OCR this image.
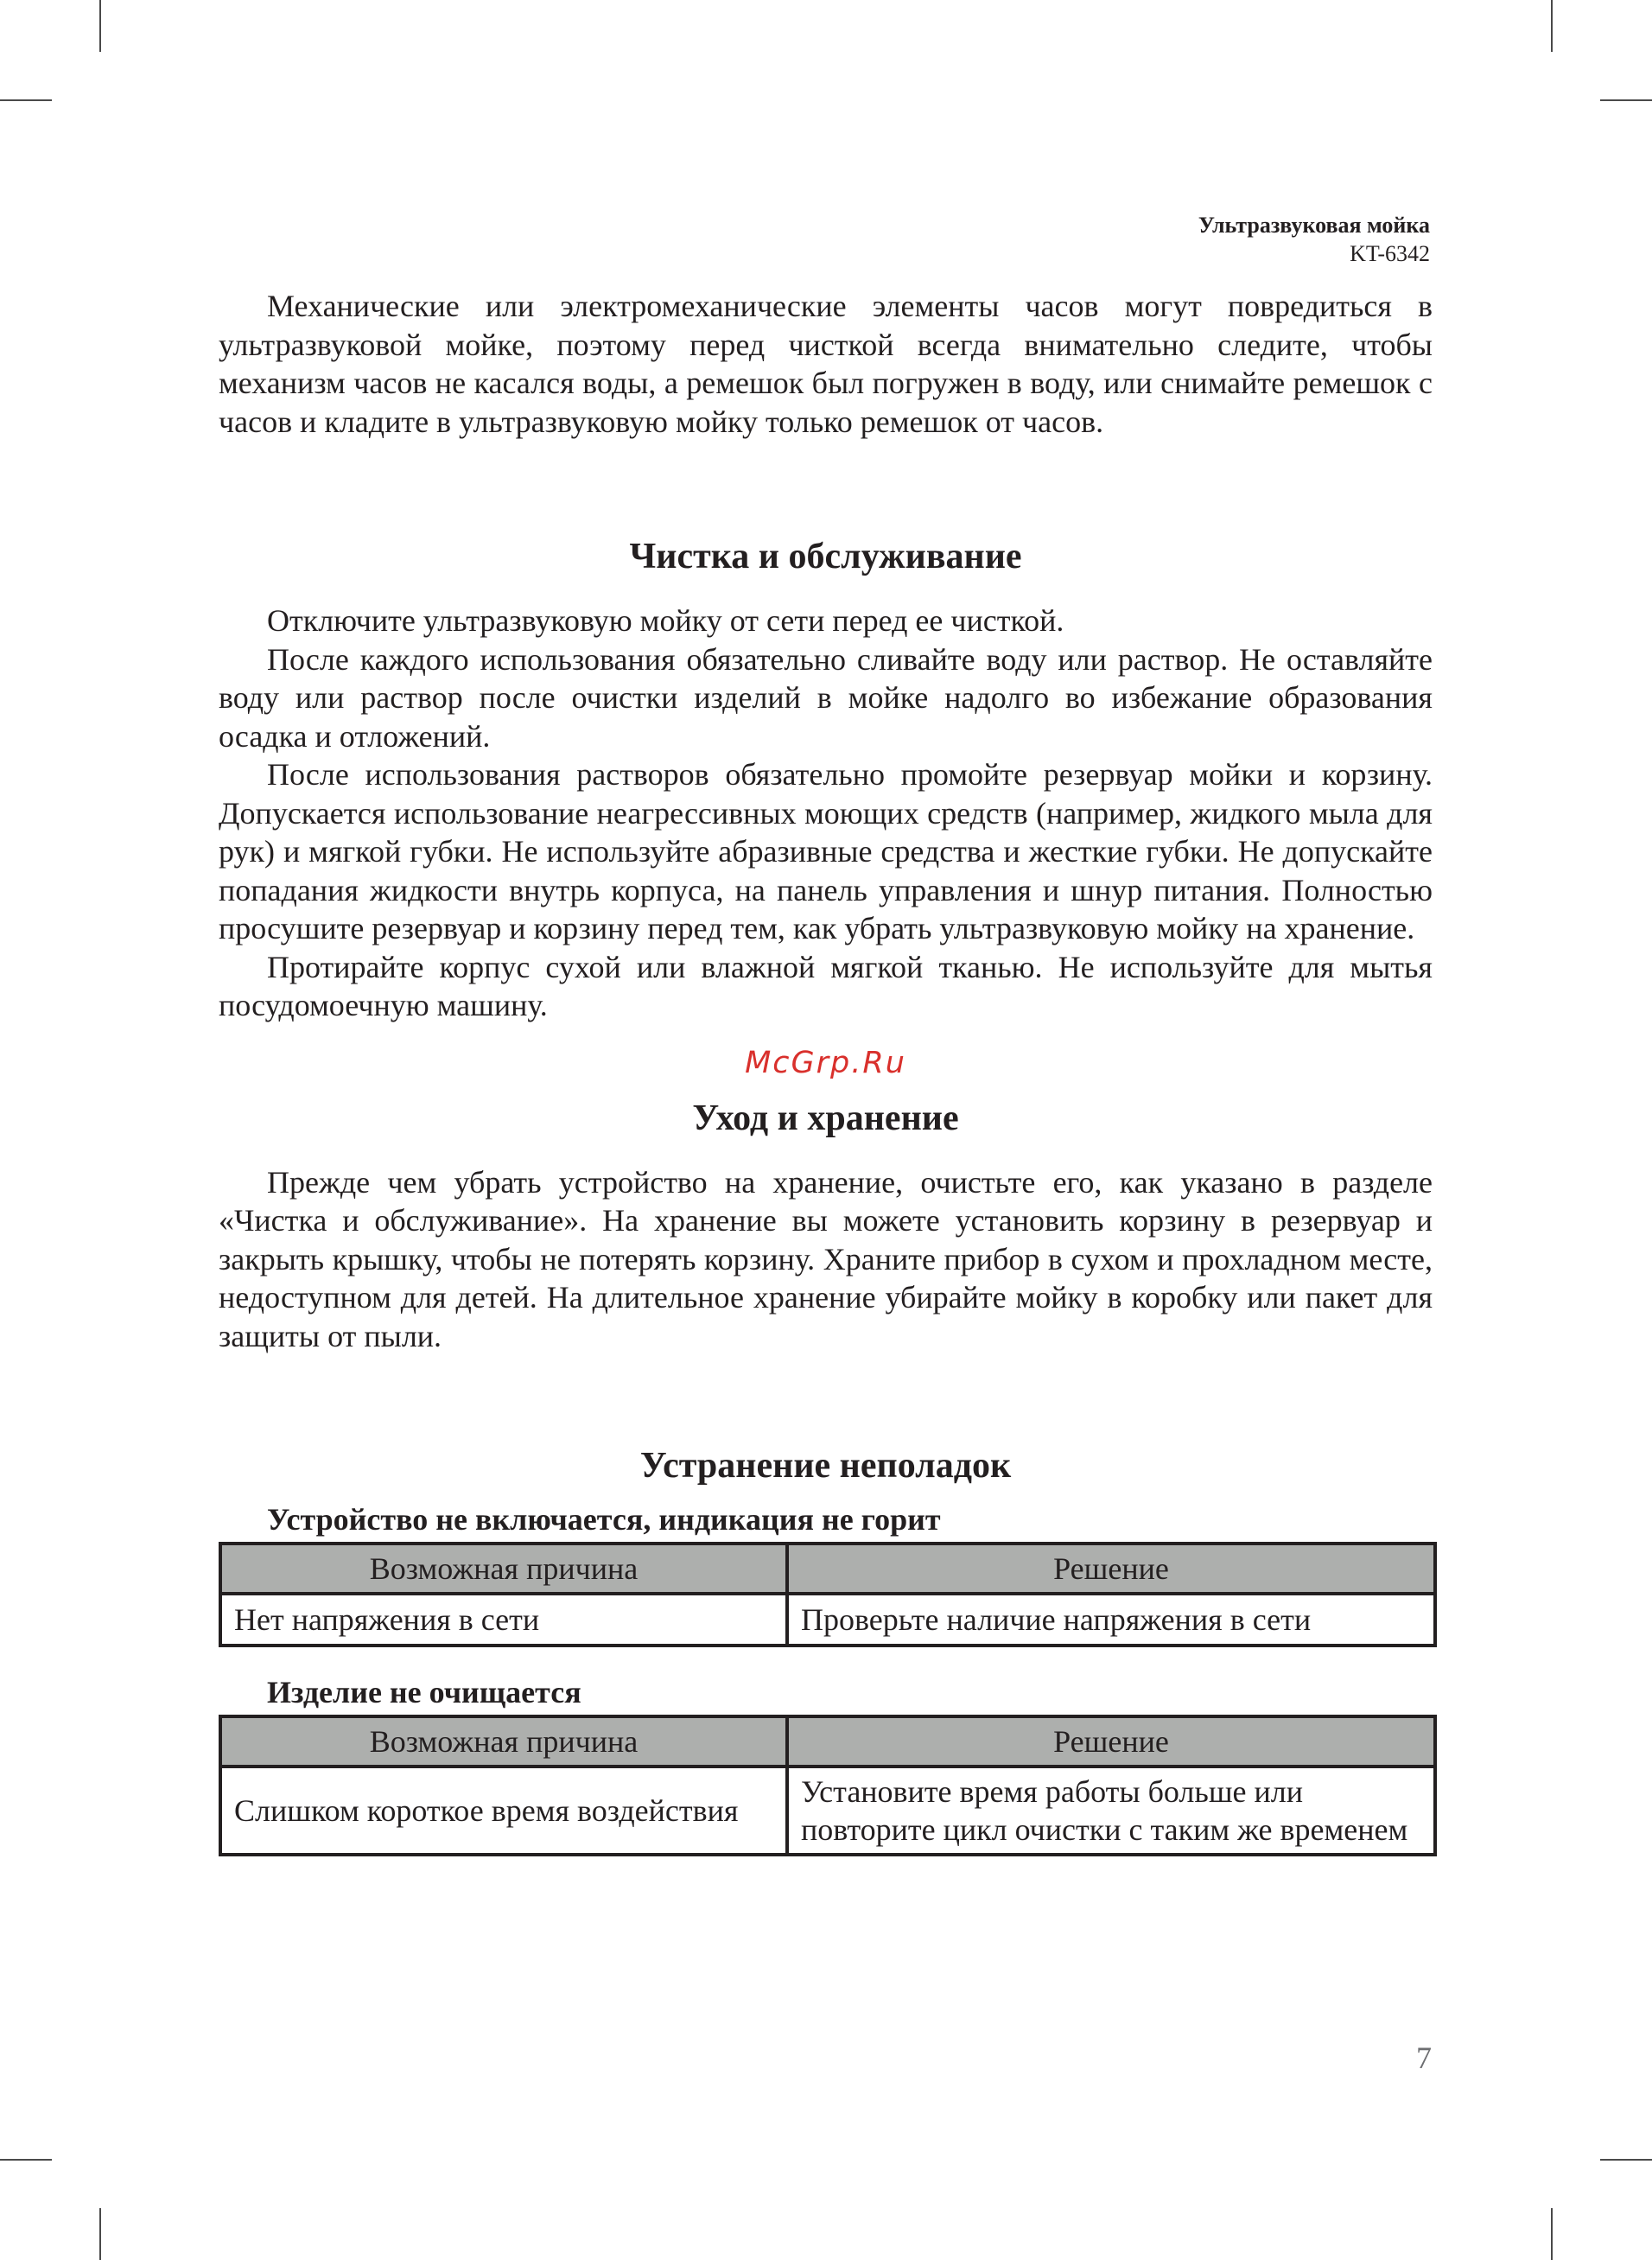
Ультразвуковая мойка
KT-6342

Механические или электромеханические элементы часов могут повредиться в ультразвуковой мойке, поэтому перед чисткой всегда внимательно следите, чтобы механизм часов не касался воды, а ремешок был погружен в воду, или снимайте ремешок с часов и кладите в ультразвуковую мойку только ремешок от часов.

Чистка и обслуживание

Отключите ультразвуковую мойку от сети перед ее чисткой.

После каждого использования обязательно сливайте воду или раствор. Не оставляйте воду или раствор после очистки изделий в мойке надолго во избежание образования осадка и отложений.

После использования растворов обязательно промойте резервуар мойки и корзину. Допускается использование неагрессивных моющих средств (например, жидкого мыла для рук) и мягкой губки. Не используйте абразивные средства и жесткие губки. Не допускайте попадания жидкости внутрь корпуса, на панель управления и шнур питания. Полностью просушите резервуар и корзину перед тем, как убрать ультразвуковую мойку на хранение.

Протирайте корпус сухой или влажной мягкой тканью. Не используйте для мытья посудомоечную машину.

McGrp.Ru
Уход и хранение

Прежде чем убрать устройство на хранение, очистьте его, как указано в разделе «Чистка и обслуживание». На хранение вы можете установить корзину в резервуар и закрыть крышку, чтобы не потерять корзину. Храните прибор в сухом и прохладном месте, недоступном для детей. На длительное хранение убирайте мойку в коробку или пакет для защиты от пыли.

Устранение неполадок
Устройство не включается, индикация не горит
Возможная причина	Решение
Нет напряжения в сети	Проверьте наличие напряжения в сети
Изделие не очищается
Возможная причина	Решение
Слишком короткое время воздействия	Установите время работы больше или повторите цикл очистки с таким же временем
7
